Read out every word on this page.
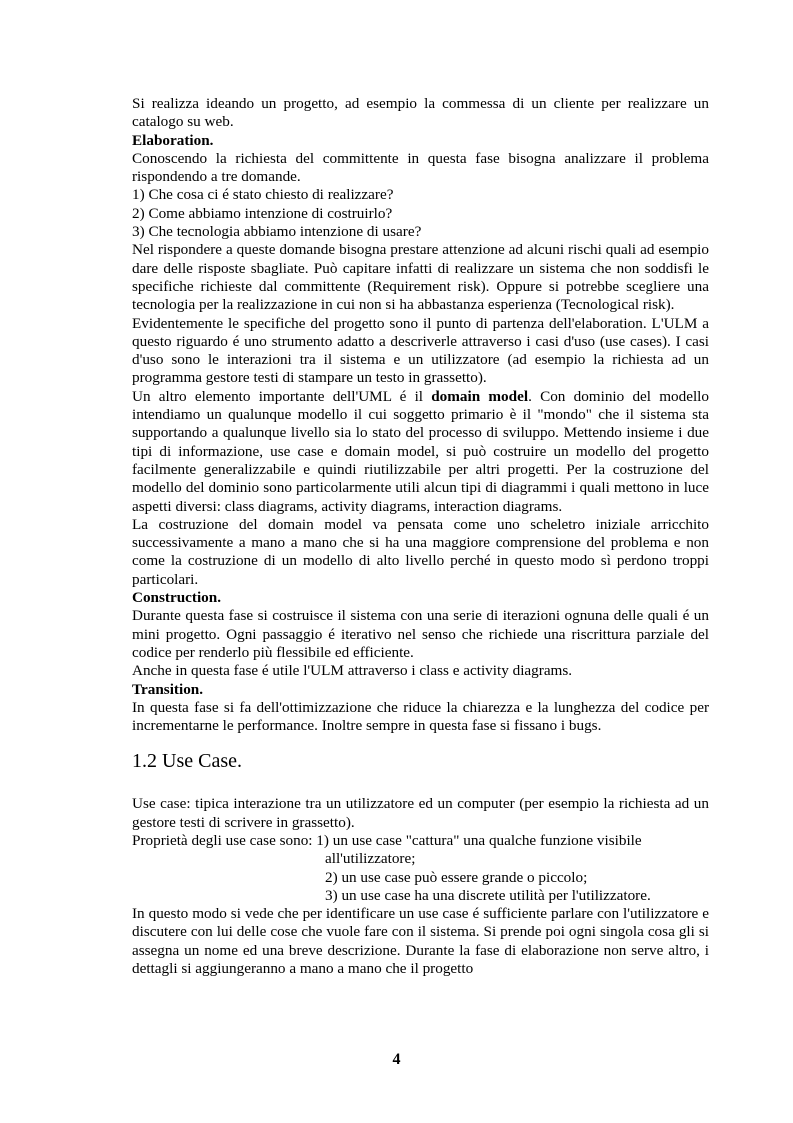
Si realizza ideando un progetto, ad esempio la commessa di un cliente per realizzare un catalogo su web.

Elaboration.

Conoscendo la richiesta del committente in questa fase bisogna analizzare il problema rispondendo a tre domande.

1) Che cosa ci é stato chiesto di realizzare?

2) Come abbiamo intenzione di costruirlo?

3) Che tecnologia abbiamo intenzione di usare?

Nel rispondere a queste domande bisogna prestare attenzione ad alcuni rischi quali ad esempio dare delle risposte sbagliate. Può capitare infatti di realizzare un sistema che non soddisfi le specifiche richieste dal committente (Requirement risk). Oppure si potrebbe scegliere una tecnologia per la realizzazione in cui non si ha abbastanza esperienza (Tecnological risk).

Evidentemente le specifiche del progetto sono il punto di partenza dell'elaboration. L'ULM a questo riguardo é uno strumento adatto a descriverle attraverso i casi d'uso (use cases). I casi d'uso sono le interazioni tra il sistema e un utilizzatore (ad esempio la richiesta ad un programma gestore testi di stampare un testo in grassetto).

Un altro elemento importante dell'UML é il domain model. Con dominio del modello intendiamo un qualunque modello il cui soggetto primario è il "mondo" che il sistema sta supportando a qualunque livello sia lo stato del processo di sviluppo. Mettendo insieme i due tipi di informazione, use case e domain model, si può costruire un modello del progetto facilmente generalizzabile e quindi riutilizzabile per altri progetti. Per la costruzione del modello del dominio sono particolarmente utili alcun tipi di diagrammi i quali mettono in luce aspetti diversi: class diagrams, activity diagrams, interaction diagrams.

La costruzione del domain model va pensata come uno scheletro iniziale arricchito successivamente a mano a mano che si ha una maggiore comprensione del problema e non come la costruzione di un modello di alto livello perché in questo modo sì perdono troppi particolari.

Construction.

Durante questa fase si costruisce il sistema con una serie di iterazioni ognuna delle quali é un mini progetto. Ogni passaggio é iterativo nel senso che richiede una riscrittura parziale del codice per renderlo più flessibile ed efficiente.

Anche in questa fase é utile l'ULM attraverso i class e activity diagrams.

Transition.

In questa fase si fa dell'ottimizzazione che riduce la chiarezza e la lunghezza del codice per incrementarne le performance. Inoltre sempre in questa fase si fissano i bugs.

1.2 Use Case.

Use case: tipica interazione tra un utilizzatore ed un computer (per esempio la richiesta ad un gestore testi di scrivere in grassetto).

Proprietà degli use case sono: 1) un use case "cattura" una qualche funzione visibile

all'utilizzatore;

2) un use case può essere grande o piccolo;

3) un use case ha una discrete utilità per l'utilizzatore.

In questo modo si vede che per identificare un use case é sufficiente parlare con l'utilizzatore e discutere con lui delle cose che vuole fare con il sistema. Si prende poi ogni singola cosa gli si assegna un nome ed una breve descrizione. Durante la fase di elaborazione non serve altro, i dettagli si aggiungeranno a mano a mano che il progetto

4
